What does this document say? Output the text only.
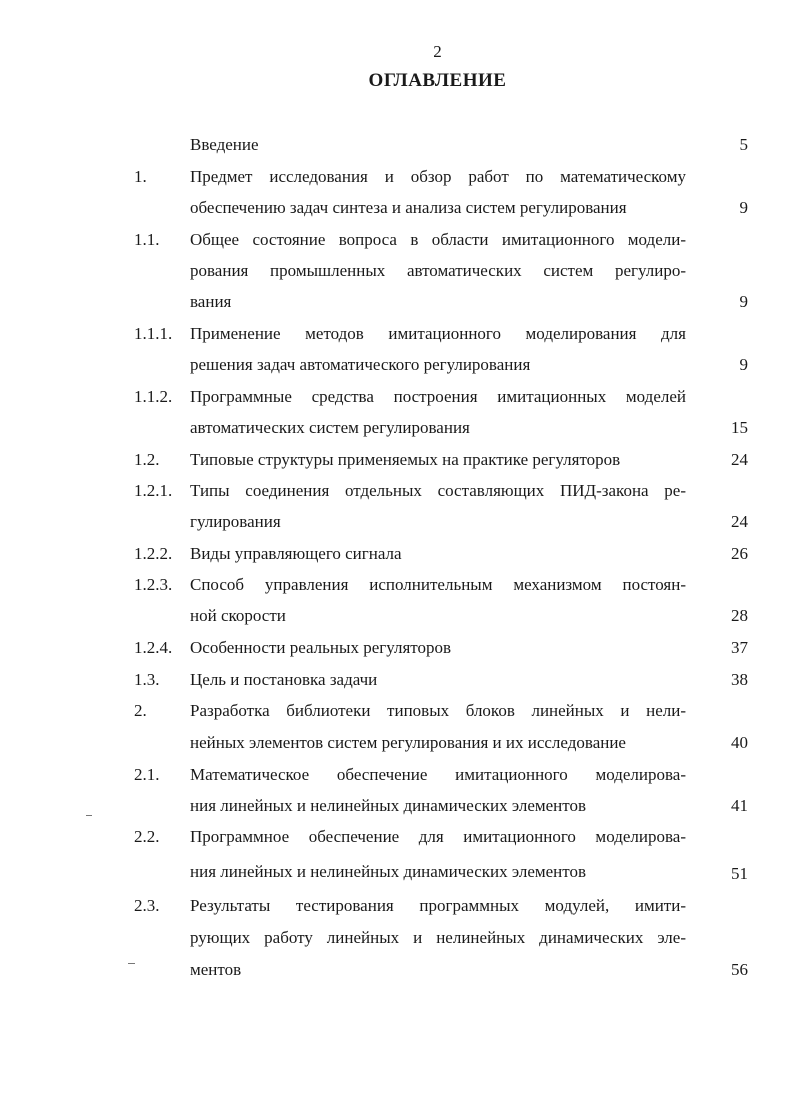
2
ОГЛАВЛЕНИЕ
Введение	5
1.	Предмет исследования и обзор работ по математическому
обеспечению задач синтеза и анализа систем регулирования	9
1.1. Общее состояние вопроса в области имитационного модели-
рования промышленных автоматических систем регулиро-
вания	9
1.1.1. Применение методов имитационного моделирования для
решения задач автоматического регулирования	9
1.1.2. Программные средства построения имитационных моделей
автоматических систем регулирования	15
1.2. Типовые структуры применяемых на практике регуляторов	24
1.2.1. Типы соединения отдельных составляющих ПИД-закона ре-
гулирования	24
1.2.2. Виды управляющего сигнала	26
1.2.3. Способ управления исполнительным механизмом постоян-
ной скорости	28
1.2.4. Особенности реальных регуляторов	37
1.3. Цель и постановка задачи	38
2.	Разработка библиотеки типовых блоков линейных и нели-
нейных элементов систем регулирования и их исследование	40
2.1. Математическое обеспечение имитационного моделирова-
ния линейных и нелинейных динамических элементов	41
2.2. Программное обеспечение для имитационного моделирова-
ния линейных и нелинейных динамических элементов	51
2.3. Результаты тестирования программных модулей, имити-
рующих работу линейных и нелинейных динамических эле-
ментов	56
